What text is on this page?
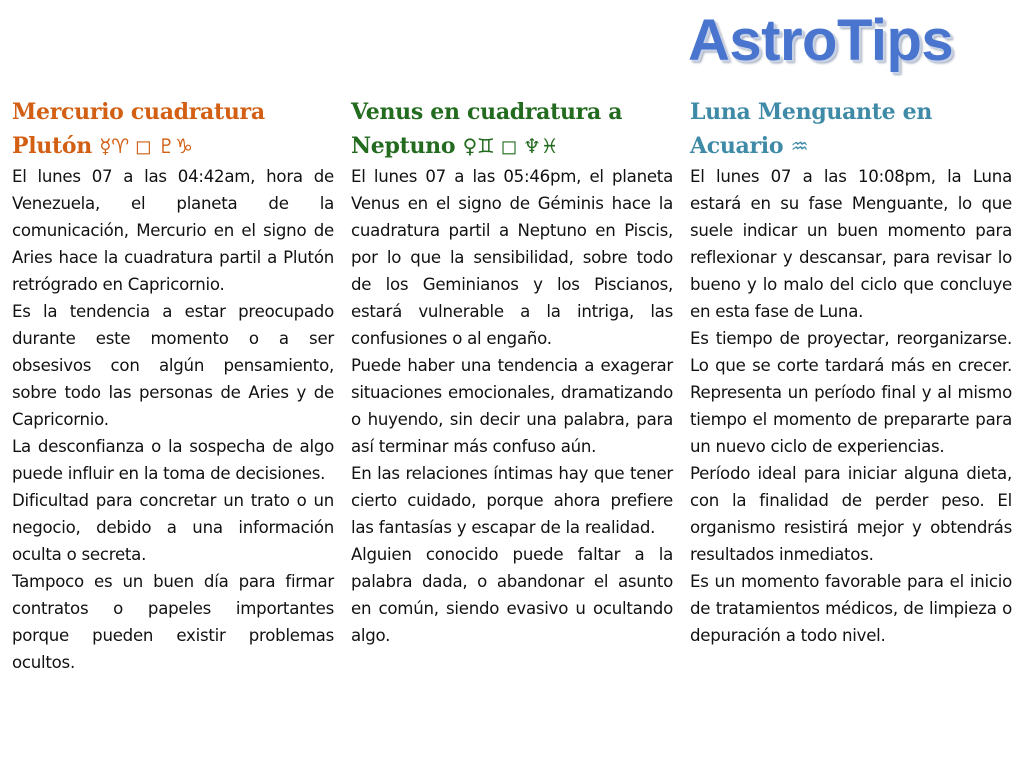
AstroTips
Mercurio cuadratura Plutón ☿♈ ◻ ♇♑

El lunes 07 a las 04:42am, hora de Venezuela, el planeta de la comunicación, Mercurio en el signo de Aries hace la cuadratura partil a Plutón retrógrado en Capricornio.

Es la tendencia a estar preocupado durante este momento o a ser obsesivos con algún pensamiento, sobre todo las personas de Aries y de Capricornio.

La desconfianza o la sospecha de algo puede influir en la toma de decisiones.

Dificultad para concretar un trato o un negocio, debido a una información oculta o secreta.

Tampoco es un buen día para firmar contratos o papeles importantes porque pueden existir problemas ocultos.

Venus en cuadratura a Neptuno ♀♊ ◻ ♆♓

El lunes 07 a las 05:46pm, el planeta Venus en el signo de Géminis hace la cuadratura partil a Neptuno en Piscis, por lo que la sensibilidad, sobre todo de los Geminianos y los Piscianos, estará vulnerable a la intriga, las confusiones o al engaño.

Puede haber una tendencia a exagerar situaciones emocionales, dramatizando o huyendo, sin decir una palabra, para así terminar más confuso aún.

En las relaciones íntimas hay que tener cierto cuidado, porque ahora prefiere las fantasías y escapar de la realidad.

Alguien conocido puede faltar a la palabra dada, o abandonar el asunto en común, siendo evasivo u ocultando algo.

Luna Menguante en Acuario ♒

El lunes 07 a las 10:08pm, la Luna estará en su fase Menguante, lo que suele indicar un buen momento para reflexionar y descansar, para revisar lo bueno y lo malo del ciclo que concluye en esta fase de Luna.

Es tiempo de proyectar, reorganizarse. Lo que se corte tardará más en crecer. Representa un período final y al mismo tiempo el momento de prepararte para un nuevo ciclo de experiencias.

Período ideal para iniciar alguna dieta, con la finalidad de perder peso. El organismo resistirá mejor y obtendrás resultados inmediatos.

Es un momento favorable para el inicio de tratamientos médicos, de limpieza o depuración a todo nivel.
